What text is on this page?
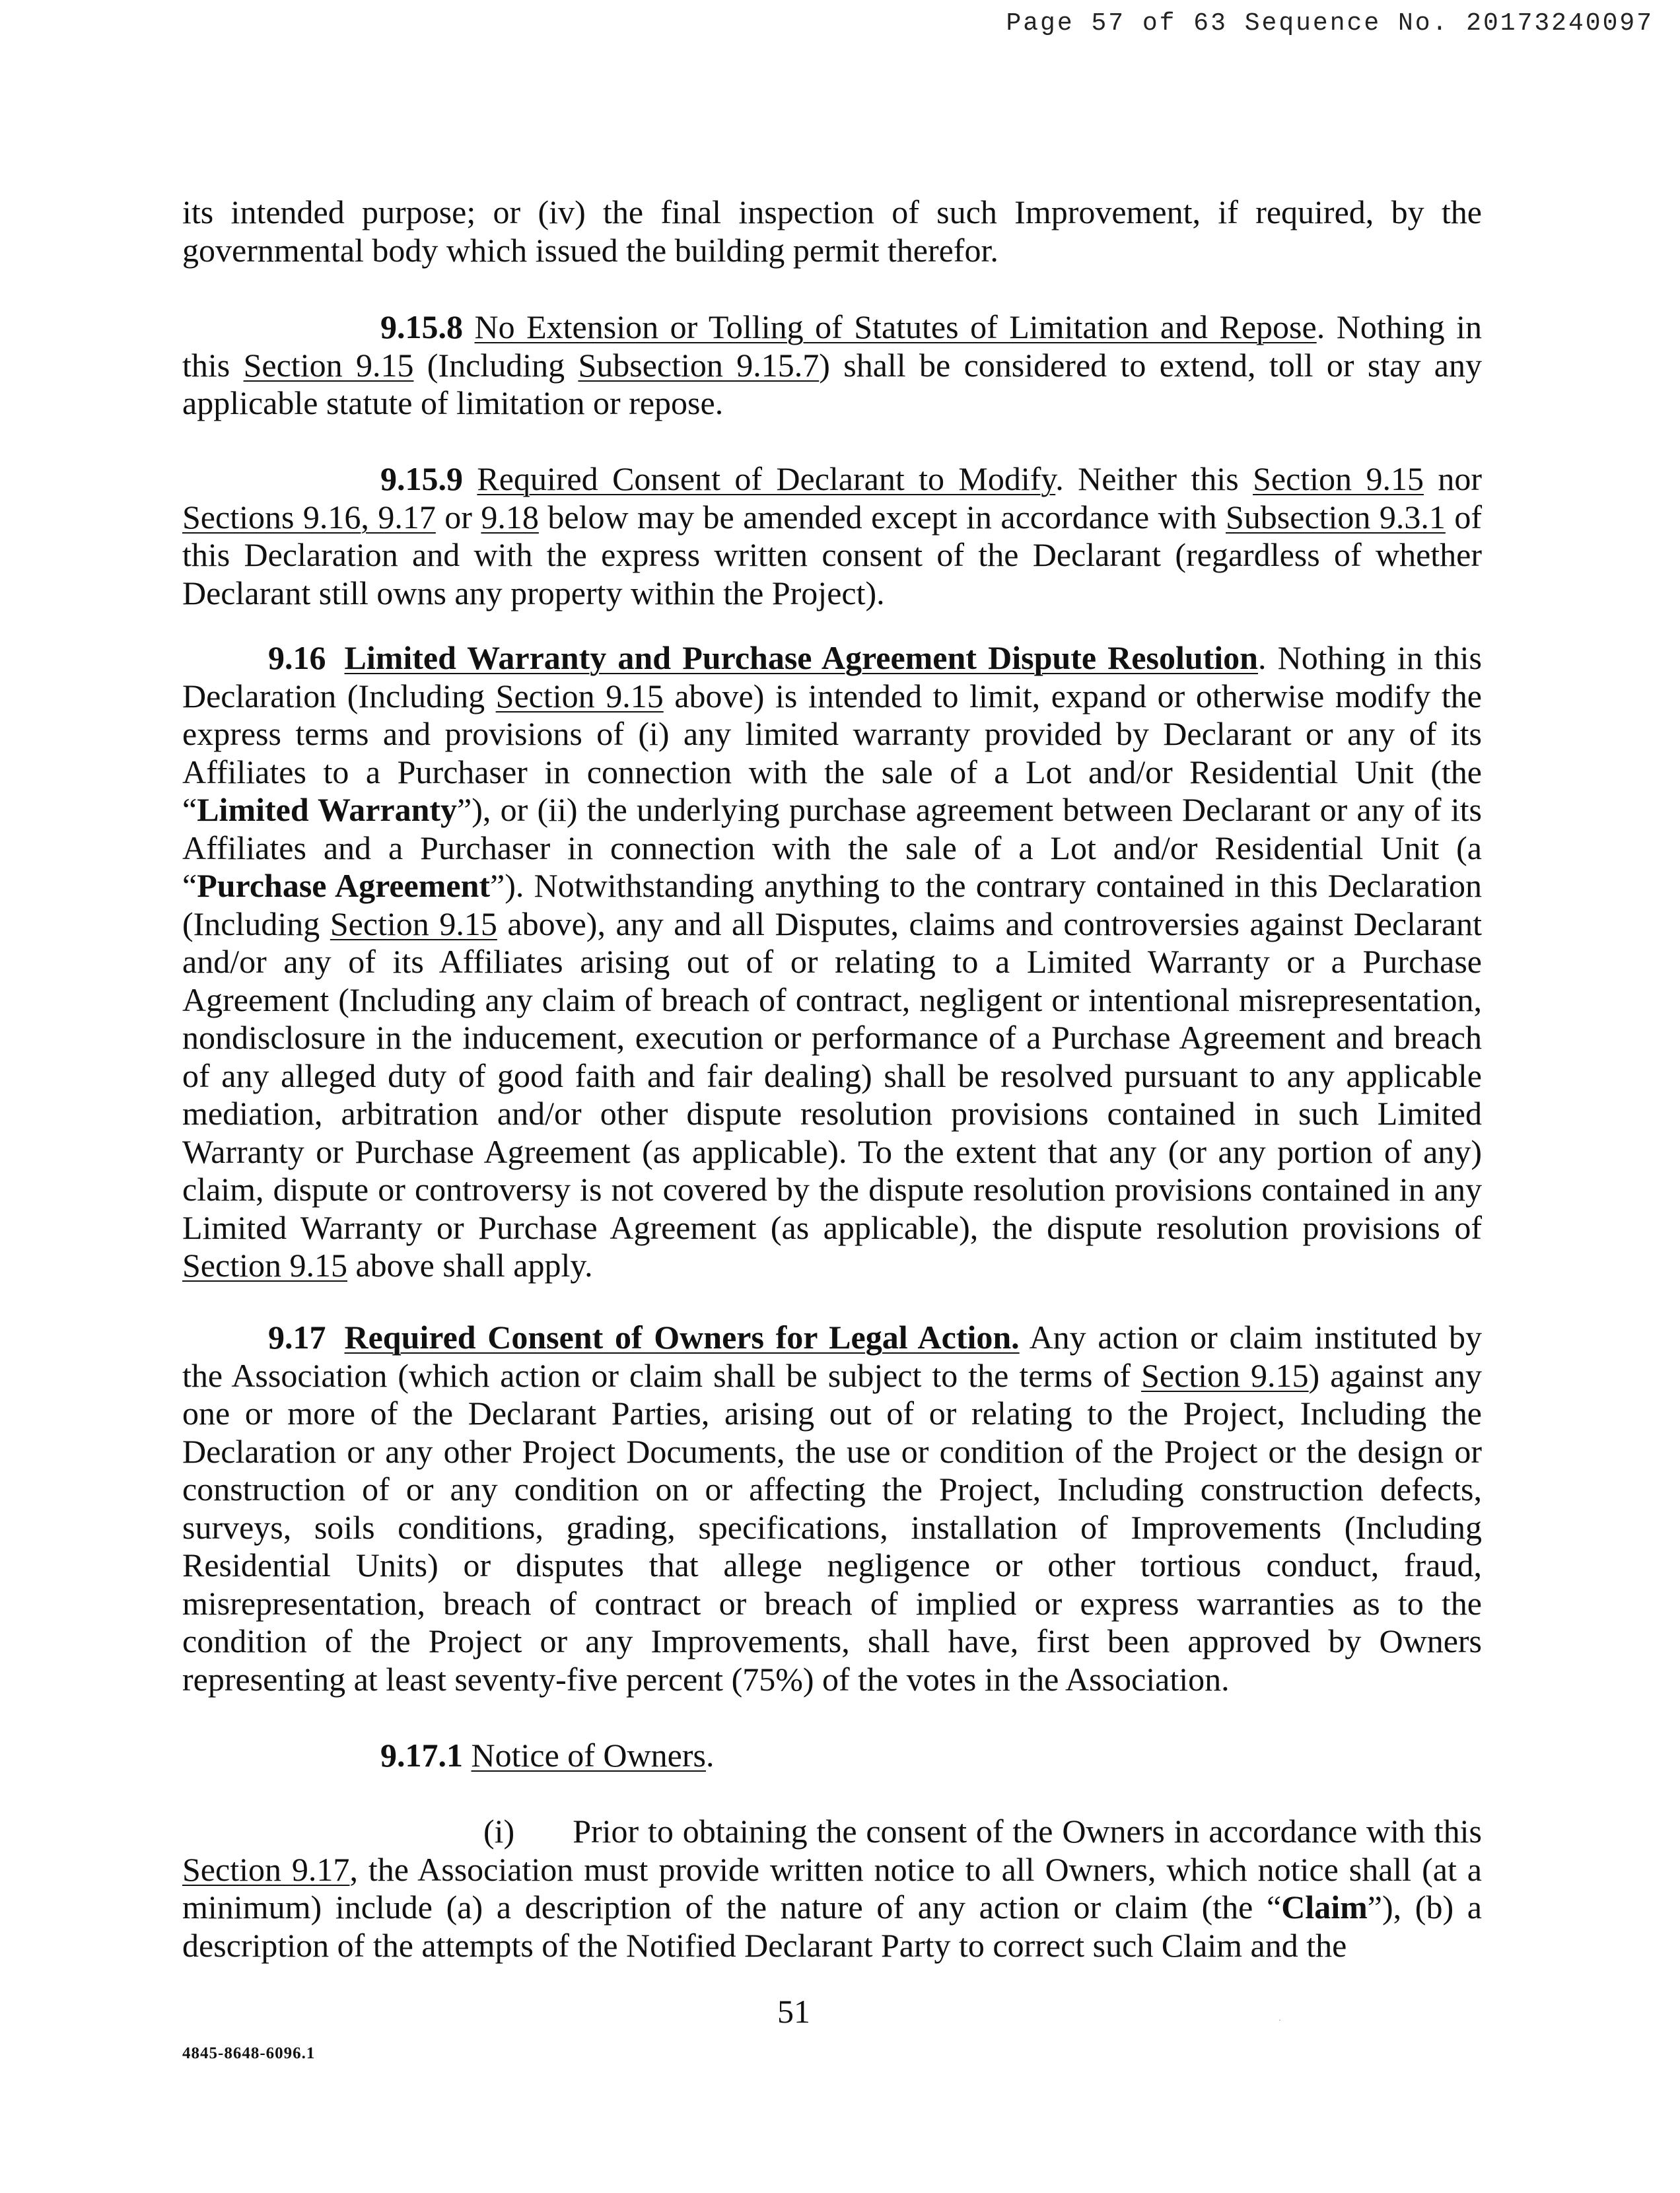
Page 57 of 63 Sequence No. 20173240097

its intended purpose; or (iv) the final inspection of such Improvement, if required, by the governmental body which issued the building permit therefor.

9.15.8 No Extension or Tolling of Statutes of Limitation and Repose. Nothing in this Section 9.15 (Including Subsection 9.15.7) shall be considered to extend, toll or stay any applicable statute of limitation or repose.

9.15.9 Required Consent of Declarant to Modify. Neither this Section 9.15 nor Sections 9.16, 9.17 or 9.18 below may be amended except in accordance with Subsection 9.3.1 of this Declaration and with the express written consent of the Declarant (regardless of whether Declarant still owns any property within the Project).

9.16 Limited Warranty and Purchase Agreement Dispute Resolution. Nothing in this Declaration (Including Section 9.15 above) is intended to limit, expand or otherwise modify the express terms and provisions of (i) any limited warranty provided by Declarant or any of its Affiliates to a Purchaser in connection with the sale of a Lot and/or Residential Unit (the “Limited Warranty”), or (ii) the underlying purchase agreement between Declarant or any of its Affiliates and a Purchaser in connection with the sale of a Lot and/or Residential Unit (a “Purchase Agreement”). Notwithstanding anything to the contrary contained in this Declaration (Including Section 9.15 above), any and all Disputes, claims and controversies against Declarant and/or any of its Affiliates arising out of or relating to a Limited Warranty or a Purchase Agreement (Including any claim of breach of contract, negligent or intentional misrepresentation, nondisclosure in the inducement, execution or performance of a Purchase Agreement and breach of any alleged duty of good faith and fair dealing) shall be resolved pursuant to any applicable mediation, arbitration and/or other dispute resolution provisions contained in such Limited Warranty or Purchase Agreement (as applicable). To the extent that any (or any portion of any) claim, dispute or controversy is not covered by the dispute resolution provisions contained in any Limited Warranty or Purchase Agreement (as applicable), the dispute resolution provisions of Section 9.15 above shall apply.

9.17 Required Consent of Owners for Legal Action. Any action or claim instituted by the Association (which action or claim shall be subject to the terms of Section 9.15) against any one or more of the Declarant Parties, arising out of or relating to the Project, Including the Declaration or any other Project Documents, the use or condition of the Project or the design or construction of or any condition on or affecting the Project, Including construction defects, surveys, soils conditions, grading, specifications, installation of Improvements (Including Residential Units) or disputes that allege negligence or other tortious conduct, fraud, misrepresentation, breach of contract or breach of implied or express warranties as to the condition of the Project or any Improvements, shall have, first been approved by Owners representing at least seventy-five percent (75%) of the votes in the Association.

9.17.1 Notice of Owners.

(i) Prior to obtaining the consent of the Owners in accordance with this Section 9.17, the Association must provide written notice to all Owners, which notice shall (at a minimum) include (a) a description of the nature of any action or claim (the “Claim”), (b) a description of the attempts of the Notified Declarant Party to correct such Claim and the

51
4845-8648-6096.1
·
